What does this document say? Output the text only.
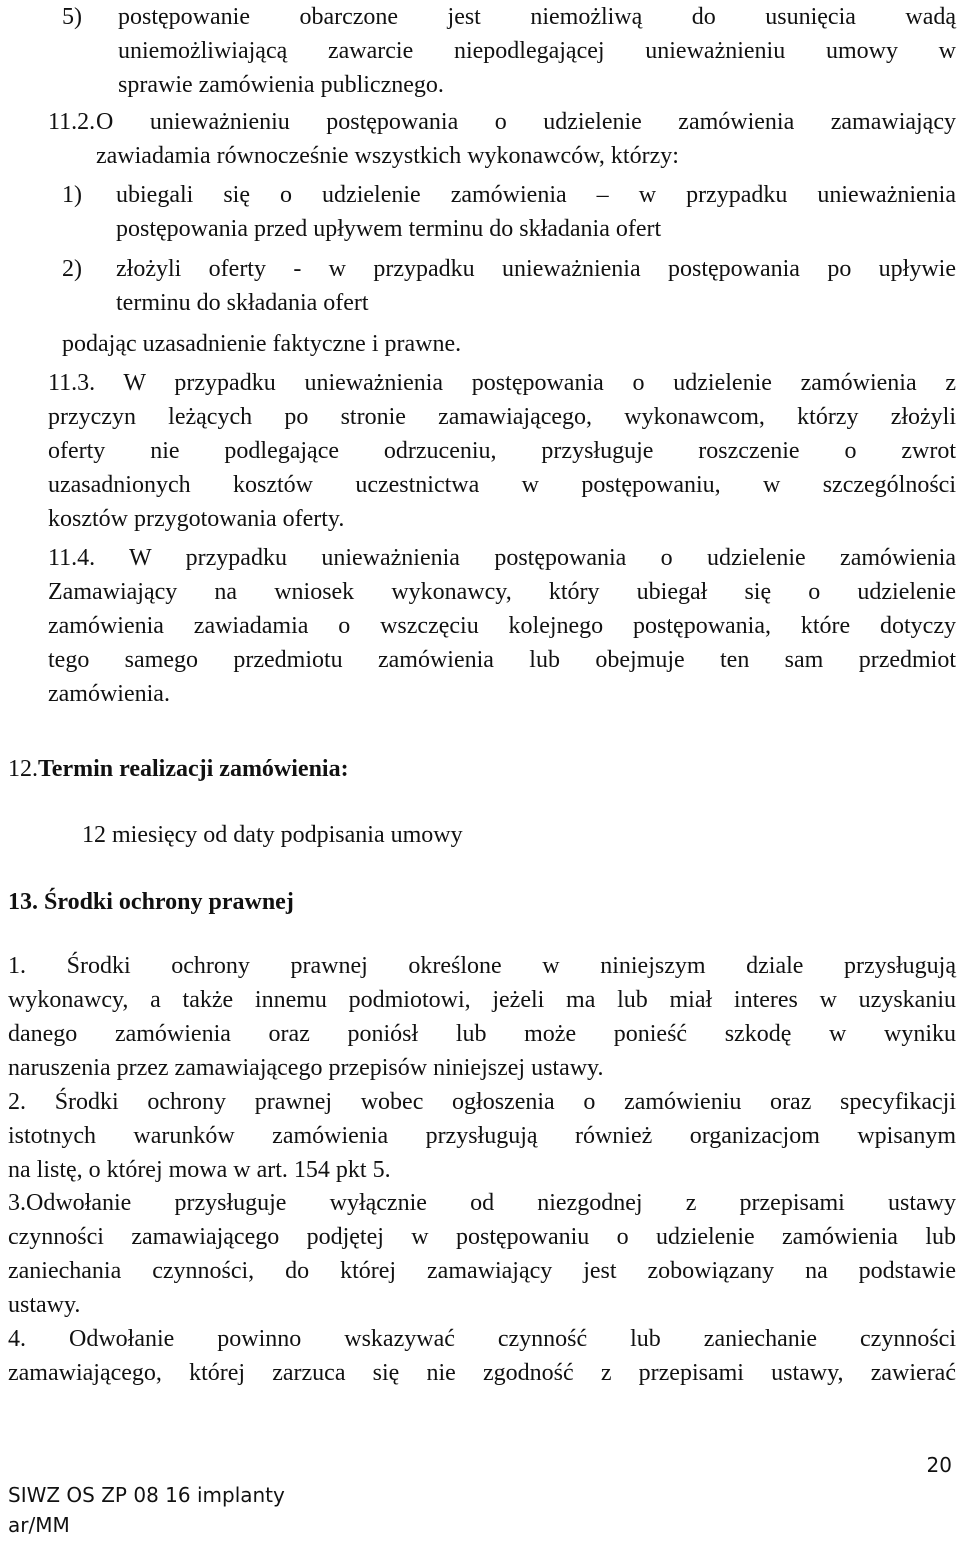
5) postępowanie obarczone jest niemożliwą do usunięcia wadą
uniemożliwiającą zawarcie niepodlegającej unieważnieniu umowy w
sprawie zamówienia publicznego.
11.2. O unieważnieniu postępowania o udzielenie zamówienia zamawiający
zawiadamia równocześnie wszystkich wykonawców, którzy:
1) ubiegali się o udzielenie zamówienia – w przypadku unieważnienia
postępowania przed upływem terminu do składania ofert
2) złożyli oferty - w przypadku unieważnienia postępowania po upływie
terminu do składania ofert
podając uzasadnienie faktyczne i prawne.
11.3. W przypadku unieważnienia postępowania o udzielenie zamówienia z
przyczyn leżących po stronie zamawiającego, wykonawcom, którzy złożyli
oferty nie podlegające odrzuceniu, przysługuje roszczenie o zwrot
uzasadnionych kosztów uczestnictwa w postępowaniu, w szczególności
kosztów przygotowania oferty.
11.4. W przypadku unieważnienia postępowania o udzielenie zamówienia
Zamawiający na wniosek wykonawcy, który ubiegał się o udzielenie
zamówienia zawiadamia o wszczęciu kolejnego postępowania, które dotyczy
tego samego przedmiotu zamówienia lub obejmuje ten sam przedmiot
zamówienia.
12.Termin realizacji zamówienia:
12 miesięcy od daty podpisania umowy
13. Środki ochrony prawnej
1. Środki ochrony prawnej określone w niniejszym dziale przysługują
wykonawcy, a także innemu podmiotowi, jeżeli ma lub miał interes w uzyskaniu
danego zamówienia oraz poniósł lub może ponieść szkodę w wyniku
naruszenia przez zamawiającego przepisów niniejszej ustawy.
2. Środki ochrony prawnej wobec ogłoszenia o zamówieniu oraz specyfikacji
istotnych warunków zamówienia przysługują również organizacjom wpisanym
na listę, o której mowa w art. 154 pkt 5.
3.Odwołanie przysługuje wyłącznie od niezgodnej z przepisami ustawy
czynności zamawiającego podjętej w postępowaniu o udzielenie zamówienia lub
zaniechania czynności, do której zamawiający jest zobowiązany na podstawie
ustawy.
4. Odwołanie powinno wskazywać czynność lub zaniechanie czynności
zamawiającego, której zarzuca się nie zgodność z przepisami ustawy, zawierać
20
SIWZ OS ZP 08 16 implanty
ar/MM
